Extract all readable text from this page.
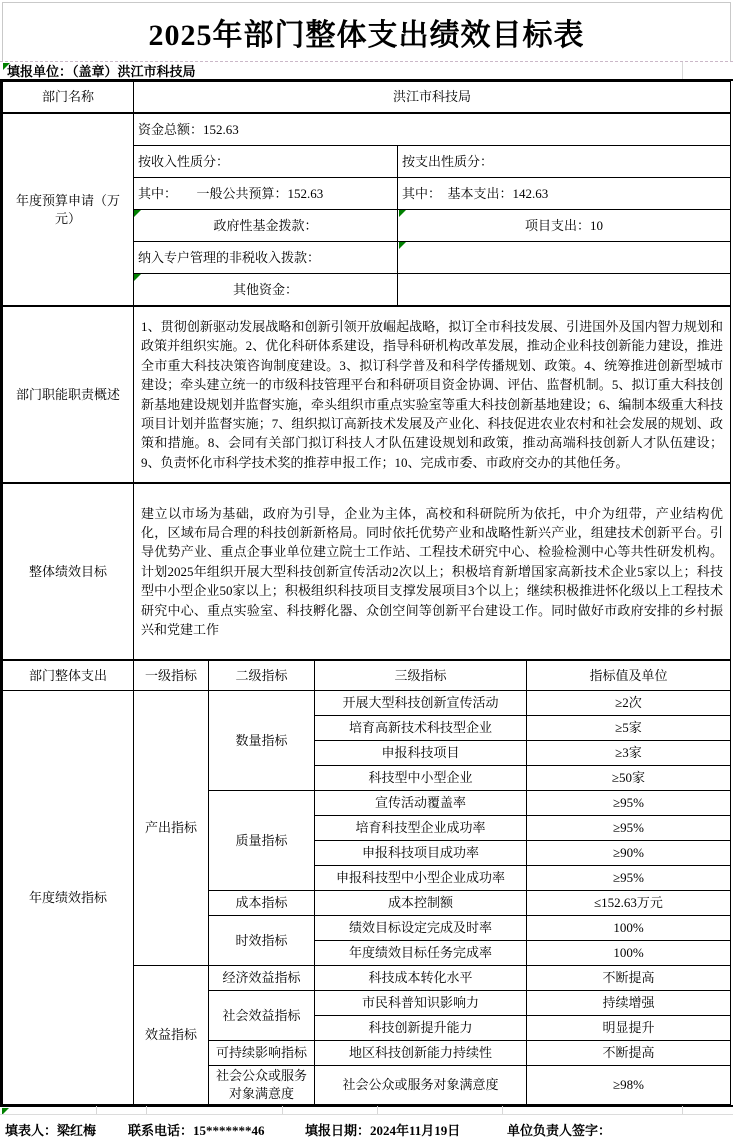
2025年部门整体支出绩效目标表
填报单位：（盖章）洪江市科技局
部门名称	洪江市科技局
年度预算申请（万元）	资金总额：152.63	
	按收入性质分：	按支出性质分：
	其中：　　一般公共预算：152.63	其中：　基本支出：142.63
	政府性基金拨款：	项目支出：10
	纳入专户管理的非税收入拨款：	
	其他资金：	
部门职能职责概述	1、贯彻创新驱动发展战略和创新引领开放崛起战略，拟订全市科技发展、引进国外及国内智力规划和政策并组织实施。2、优化科研体系建设，指导科研机构改革发展，推动企业科技创新能力建设，推进全市重大科技决策咨询制度建设。3、拟订科学普及和科学传播规划、政策。4、统筹推进创新型城市建设；牵头建立统一的市级科技管理平台和科研项目资金协调、评估、监督机制。5、拟订重大科技创新基地建设规划并监督实施，牵头组织市重点实验室等重大科技创新基地建设；6、编制本级重大科技项目计划并监督实施；7、组织拟订高新技术发展及产业化、科技促进农业农村和社会发展的规划、政策和措施。8、会同有关部门拟订科技人才队伍建设规划和政策，推动高端科技创新人才队伍建设；9、负责怀化市科学技术奖的推荐申报工作；10、完成市委、市政府交办的其他任务。
整体绩效目标	建立以市场为基础，政府为引导，企业为主体，高校和科研院所为依托，中介为纽带，产业结构优化，区域布局合理的科技创新新格局。同时依托优势产业和战略性新兴产业，组建技术创新平台。引导优势产业、重点企事业单位建立院士工作站、工程技术研究中心、检验检测中心等共性研发机构。计划2025年组织开展大型科技创新宣传活动2次以上；积极培育新增国家高新技术企业5家以上；科技型中小型企业50家以上；积极组织科技项目支撑发展项目3个以上；继续积极推进怀化级以上工程技术研究中心、重点实验室、科技孵化器、众创空间等创新平台建设工作。同时做好市政府安排的乡村振兴和党建工作
部门整体支出	一级指标	二级指标	三级指标	指标值及单位
年度绩效指标	产出指标	数量指标	开展大型科技创新宣传活动	≥2次
			培育高新技术科技型企业	≥5家
			申报科技项目	≥3家
			科技型中小型企业	≥50家
		质量指标	宣传活动覆盖率	≥95%
			培育科技型企业成功率	≥95%
			申报科技项目成功率	≥90%
			申报科技型中小型企业成功率	≥95%
		成本指标	成本控制额	≤152.63万元
		时效指标	绩效目标设定完成及时率	100%
			年度绩效目标任务完成率	100%
	效益指标	经济效益指标	科技成本转化水平	不断提高
		社会效益指标	市民科普知识影响力	持续增强
			科技创新提升能力	明显提升
		可持续影响指标	地区科技创新能力持续性	不断提高
		社会公众或服务对象满意度	社会公众或服务对象满意度	≥98%
填表人：梁红梅 联系电话：15*******46	填报日期：2024年11月19日	单位负责人签字：
